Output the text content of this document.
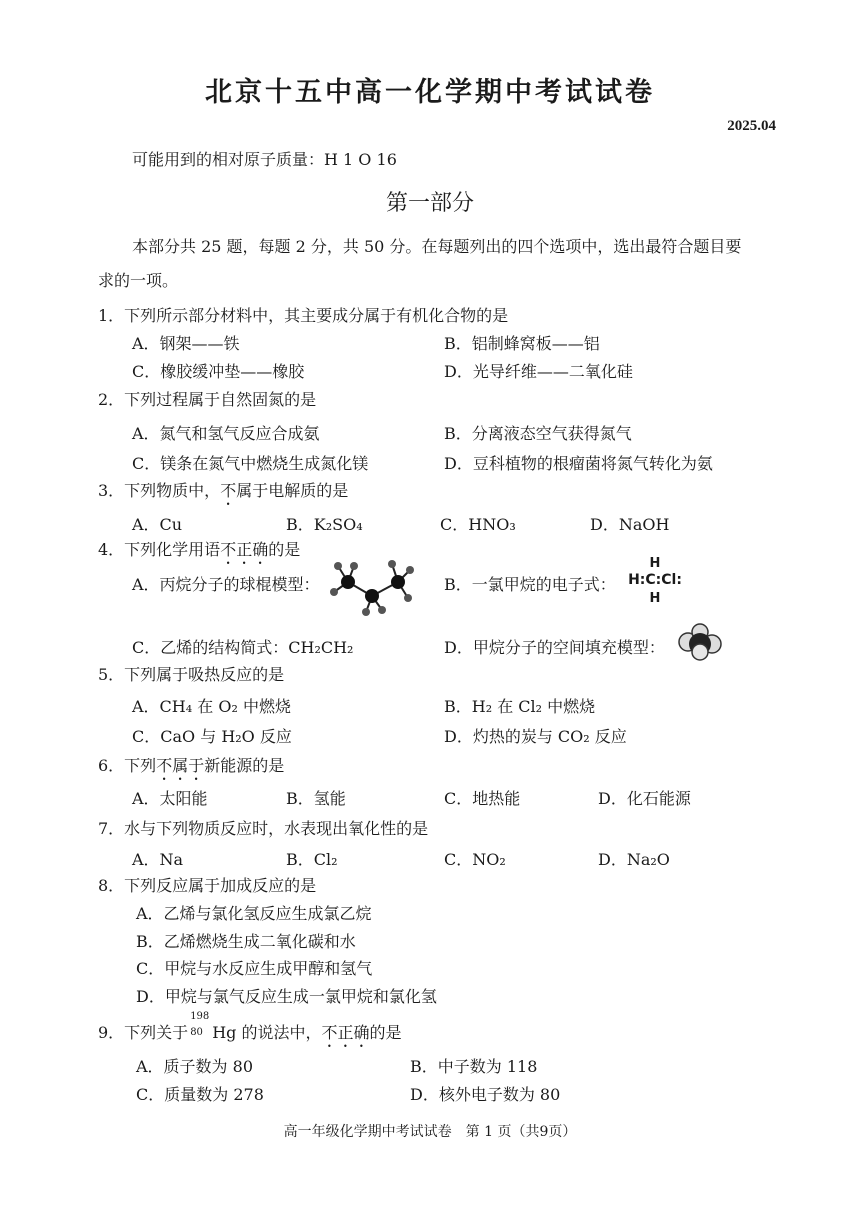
北京十五中高一化学期中考试试卷
2025.04
可能用到的相对原子质量：H 1 O 16
第一部分
本部分共 25 题，每题 2 分，共 50 分。在每题列出的四个选项中，选出最符合题目要
求的一项。
1．下列所示部分材料中，其主要成分属于有机化合物的是
A．钢架——铁	B．铝制蜂窝板——铝
C．橡胶缓冲垫——橡胶	D．光导纤维——二氧化硅
2．下列过程属于自然固氮的是
A．氮气和氢气反应合成氨	B．分离液态空气获得氮气
C．镁条在氮气中燃烧生成氮化镁	D．豆科植物的根瘤菌将氮气转化为氨
3．下列物质中，不属于电解质的是
A．Cu	B．K₂SO₄	C．HNO₃	D．NaOH
4．下列化学用语不正确的是
A．丙烷分子的球棍模型：	B．一氯甲烷的电子式：
H
H:C:Cl:
H
C．乙烯的结构简式：CH₂CH₂	D．甲烷分子的空间填充模型：
5．下列属于吸热反应的是
A．CH₄ 在 O₂ 中燃烧	B．H₂ 在 Cl₂ 中燃烧
C．CaO 与 H₂O 反应	D．灼热的炭与 CO₂ 反应
6．下列不属于新能源的是
A．太阳能	B．氢能	C．地热能	D．化石能源
7．水与下列物质反应时，水表现出氧化性的是
A．Na	B．Cl₂	C．NO₂	D．Na₂O
8．下列反应属于加成反应的是
A．乙烯与氯化氢反应生成氯乙烷
B．乙烯燃烧生成二氧化碳和水
C．甲烷与水反应生成甲醇和氢气
D．甲烷与氯气反应生成一氯甲烷和氯化氢
9．下列关于
198
80 Hg 的说法中，不正确的是
A．质子数为 80	B．中子数为 118
C．质量数为 278	D．核外电子数为 80
高一年级化学期中考试试卷　第 1 页（共9页）
